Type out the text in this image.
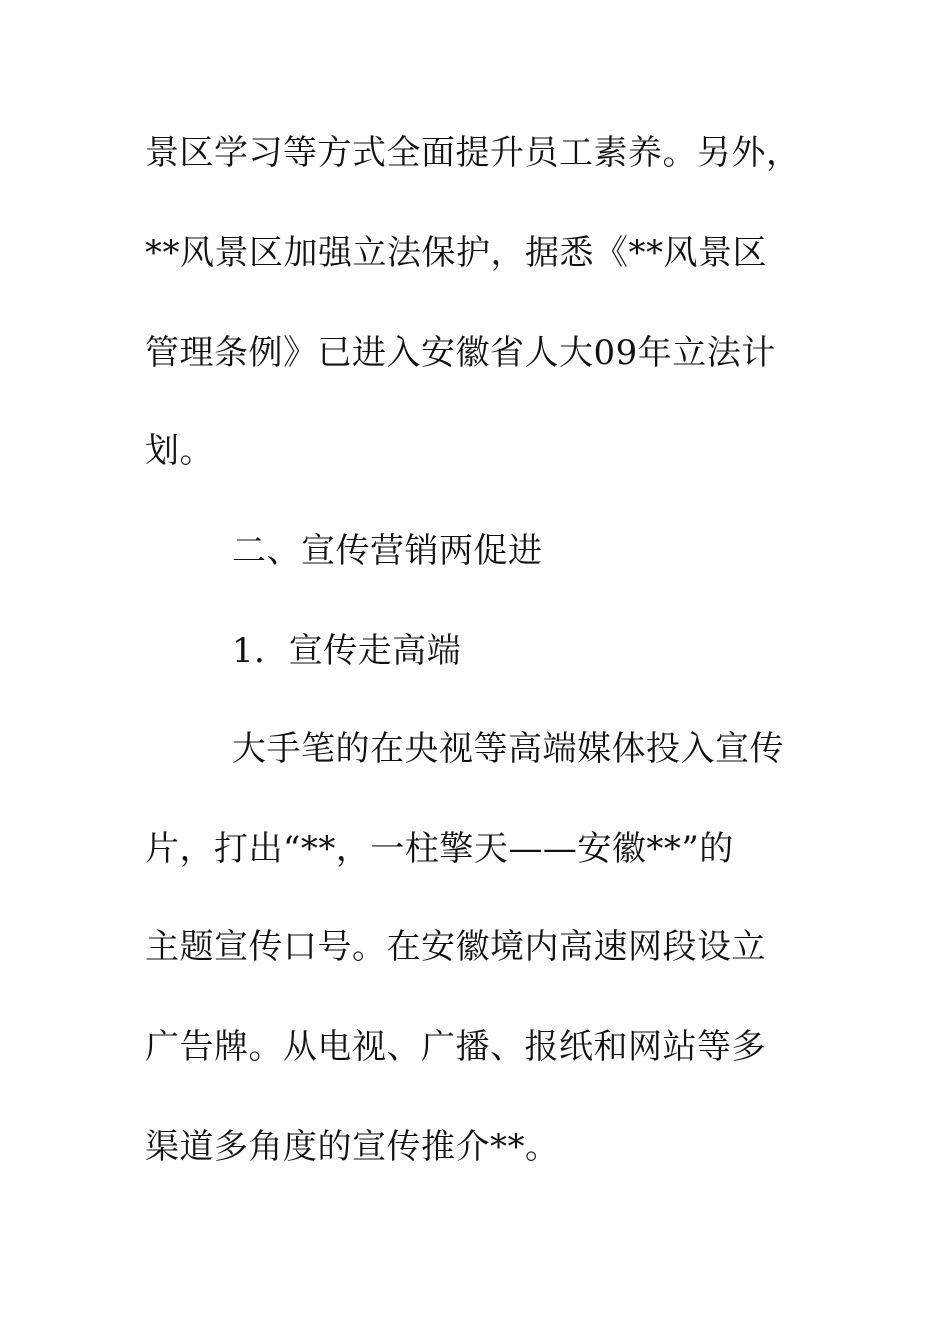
景区学习等方式全面提升员工素养。另外，
**风景区加强立法保护，据悉《**风景区
管理条例》已进入安徽省人大09年立法计
划。
二、宣传营销两促进
1．宣传走高端
大手笔的在央视等高端媒体投入宣传
片，打出“**，一柱擎天——安徽**”的
主题宣传口号。在安徽境内高速网段设立
广告牌。从电视、广播、报纸和网站等多
渠道多角度的宣传推介**。
